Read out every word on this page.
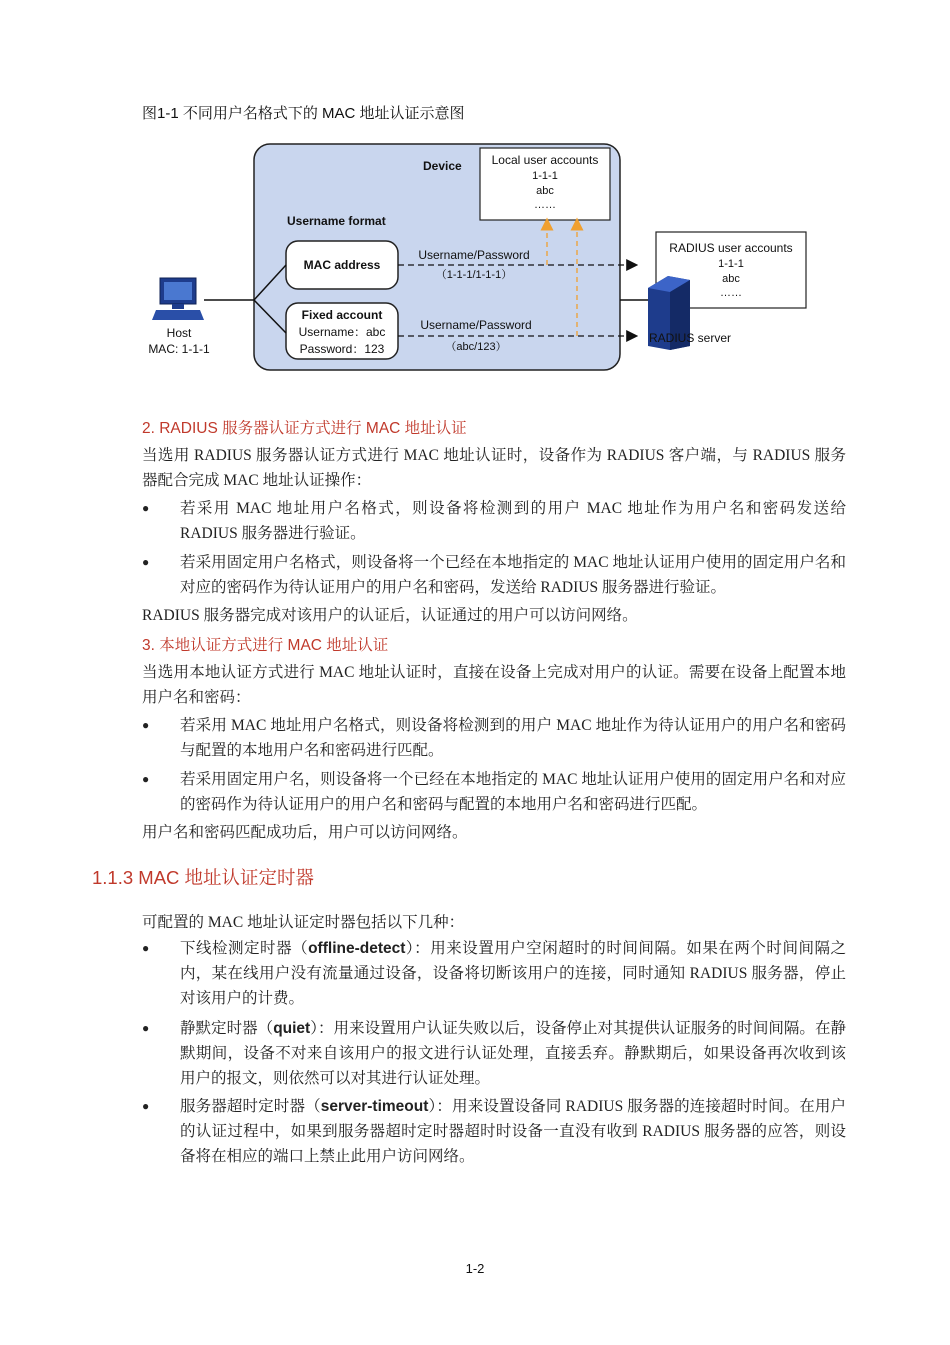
图1-1 不同用户名格式下的 MAC 地址认证示意图
Device Local user accounts
1-1-1
abc
……
Username format
MAC address
Fixed account
Username：abc
Password：123
Username/Password
（1-1-1/1-1-1）
Username/Password
（abc/123）
RADIUS user accounts
1-1-1
abc
……
RADIUS server
Host
MAC: 1-1-1
2. RADIUS 服务器认证方式进行 MAC 地址认证
当选用 RADIUS 服务器认证方式进行 MAC 地址认证时，设备作为 RADIUS 客户端，与 RADIUS 服务器配合完成 MAC 地址认证操作：
●	若采用 MAC 地址用户名格式，则设备将检测到的用户 MAC 地址作为用户名和密码发送给 RADIUS 服务器进行验证。
●	若采用固定用户名格式，则设备将一个已经在本地指定的 MAC 地址认证用户使用的固定用户名和对应的密码作为待认证用户的用户名和密码，发送给 RADIUS 服务器进行验证。
RADIUS 服务器完成对该用户的认证后，认证通过的用户可以访问网络。
3. 本地认证方式进行 MAC 地址认证
当选用本地认证方式进行 MAC 地址认证时，直接在设备上完成对用户的认证。需要在设备上配置本地用户名和密码：
●	若采用 MAC 地址用户名格式，则设备将检测到的用户 MAC 地址作为待认证用户的用户名和密码与配置的本地用户名和密码进行匹配。
●	若采用固定用户名，则设备将一个已经在本地指定的 MAC 地址认证用户使用的固定用户名和对应的密码作为待认证用户的用户名和密码与配置的本地用户名和密码进行匹配。
用户名和密码匹配成功后，用户可以访问网络。
1.1.3 MAC 地址认证定时器
可配置的 MAC 地址认证定时器包括以下几种：
●	下线检测定时器（offline-detect）：用来设置用户空闲超时的时间间隔。如果在两个时间间隔之内，某在线用户没有流量通过设备，设备将切断该用户的连接，同时通知 RADIUS 服务器，停止对该用户的计费。
●	静默定时器（quiet）：用来设置用户认证失败以后，设备停止对其提供认证服务的时间间隔。在静默期间，设备不对来自该用户的报文进行认证处理，直接丢弃。静默期后，如果设备再次收到该用户的报文，则依然可以对其进行认证处理。
●	服务器超时定时器（server-timeout）：用来设置设备同 RADIUS 服务器的连接超时时间。在用户的认证过程中，如果到服务器超时定时器超时时设备一直没有收到 RADIUS 服务器的应答，则设备将在相应的端口上禁止此用户访问网络。
1-2
